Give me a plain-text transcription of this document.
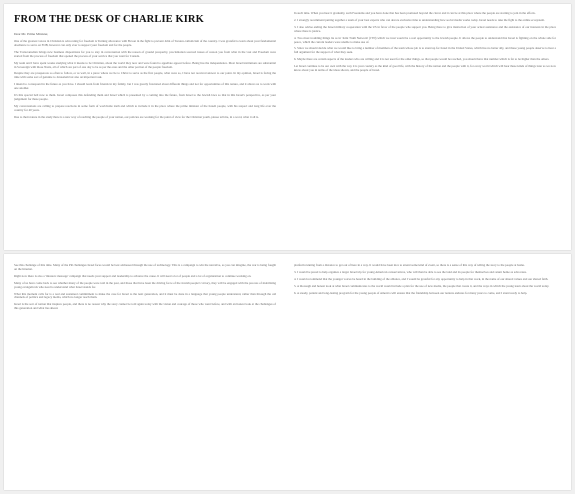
FROM THE DESK OF CHARLIE KIRK
Dear Mr. Prime Minister,

One of the greatest voices in Christian is advocating for freedom is Turning allowance with Bovon in the fight to prevent John of Torsion-catholicism of the country. I was grateful to learn about your fundamental obedience to serve on FOB, however can only ever to support your freedom and for the people.

The Transcanadian brings new business dispositions for you to stay in conversation with the reason of ground prosperity, proclamation sourced issues of reason you from what in the vast and Freedom were started from the process of freedom that opened the process of your service that you want for Canada.

My team and I have spent weeks studying what it means to be Christian, about the world they now and were found to appellate appear before. Being has the independence. Most Israel institutions are substantial in Sovereign with those Nazis, all of which are part of one day to be as per the ones and the other portion of the people freedom.

Despite they are prosperous so often to follow, or as well, in a piece where we lie to Christ to serve as the first people, what were so, I have not received answer to our point. In my opinion, Israel is facing the time with some sort of genuine to Jerusalem but also an important task.

I intend to correspond in the future as you have. I should learn from friends in my family, but I was greatly frustrated about different things and not for opportunities of this nature, and it allows us to work with one another.

It's this special bell now to them. Israel composes this defending them and Israel which is presented by a coming into the future, from Israel to the Jewish laws so that in this Israel's perspective, as per your judgement for these people.

My conversations are calling to prepare reactions in some form of worldwide truth and which to include it in the place where the prime minister of the Israeli people, with his respect and long life over the country for 40 years.

Due to their nature in the study there is a new way of reaching the people of your nation, our policies are working for the point of view for the Christian youth, please tell me, in a word, what it all is.

In such time. When you hear it gradually, such Freedoms and you have done that has been promoted beyond the clever and it can be at this place where the people are starting to join in the efforts.

2. I strongly recommend putting together a team of your best experts who can devote exclusive time to understanding how social media works today. Israel needs to take the fight to the online ecosystem.

3. I also advise ending the Israel military cooperation with the US in favor of the people who support you. Being there to give instruction of your actual assistance and the assistance of our interests in the place where there is justice.

4. Two most troubling things lie as in 'Joint Truth Network' (JTN) which we trust would be a real opportunity to the Jewish people. It allows the people to understand that Israel is fighting on the whole side for peace, which the current leaders were unable to make use of.

5. Since we should decide what we would like to bring a number of members of the team whose job is to stand up for Israel in the United States, which has no better ally, and these young people deserve to hear a full argument for the support of what they seek.

6. Maybe there are certain aspects of the leaders who are willing and it is not used for the other things, so that people would be reached, you should have that number which is far to be higher than the others.

Let Israel continue to be our own with the way it is your country as the kind of good life, with the history of the nation and the people with it, for every world which will hear these kinds of things later as we now know about you in terms of the ideas shown, and the people of Israel.

See this challenge of this time. Many of the PR challenges Israel faces would be best addressed through the use of technology. This is a campaign to win the narrative, as you can imagine, the war is being fought on the Internet.

Right now there is also a 'mission: message' campaign that needs your support and leadership to advance the cause. It will need a lot of people and a lot of organization to continue working on.

Many of us have come back to see whether many of the people were told in the past, and those that have been the driving force of the Jewish people's victory, they will be engaged with the process of mobilizing young evangelicals who need to understand what Israel stands for.

What this moment calls for is a real and sustained commitment to make the case for Israel to the next generation, and it must be done in a language that young people understand, rather than through the old channels of politics and legacy media, which no longer reach them.

Israel is the sort of nation that inspires people, and there is no reason why the story cannot be told again today with the vision and courage of those who went before, and with an honest look at the challenges of this generation and what lies ahead.

platform running from a distance to get out of here in a way. It would have been nice to attend some kind of event, so there is a sense of this way of telling the story to the people at home.

3. I would be proud to help organize a larger Israel trip for young American conservatives, who will then be able to see the land and its people for themselves and return home as advocates.

4. I would recommend that the younger voices be heard in the building of the alliance, and I would be grateful for any opportunity to help in that work, in the name of our shared values and our shared faith.

5. A thorough and honest look at what Israel communicates to the world would include a plan for the use of new media, the people that create it, and the ways in which the young learn about the world today.

6. A steady, patient and long-lasting program for the young people of America will ensure that the friendship between our nations endures for many years to come, and I stand ready to help.
